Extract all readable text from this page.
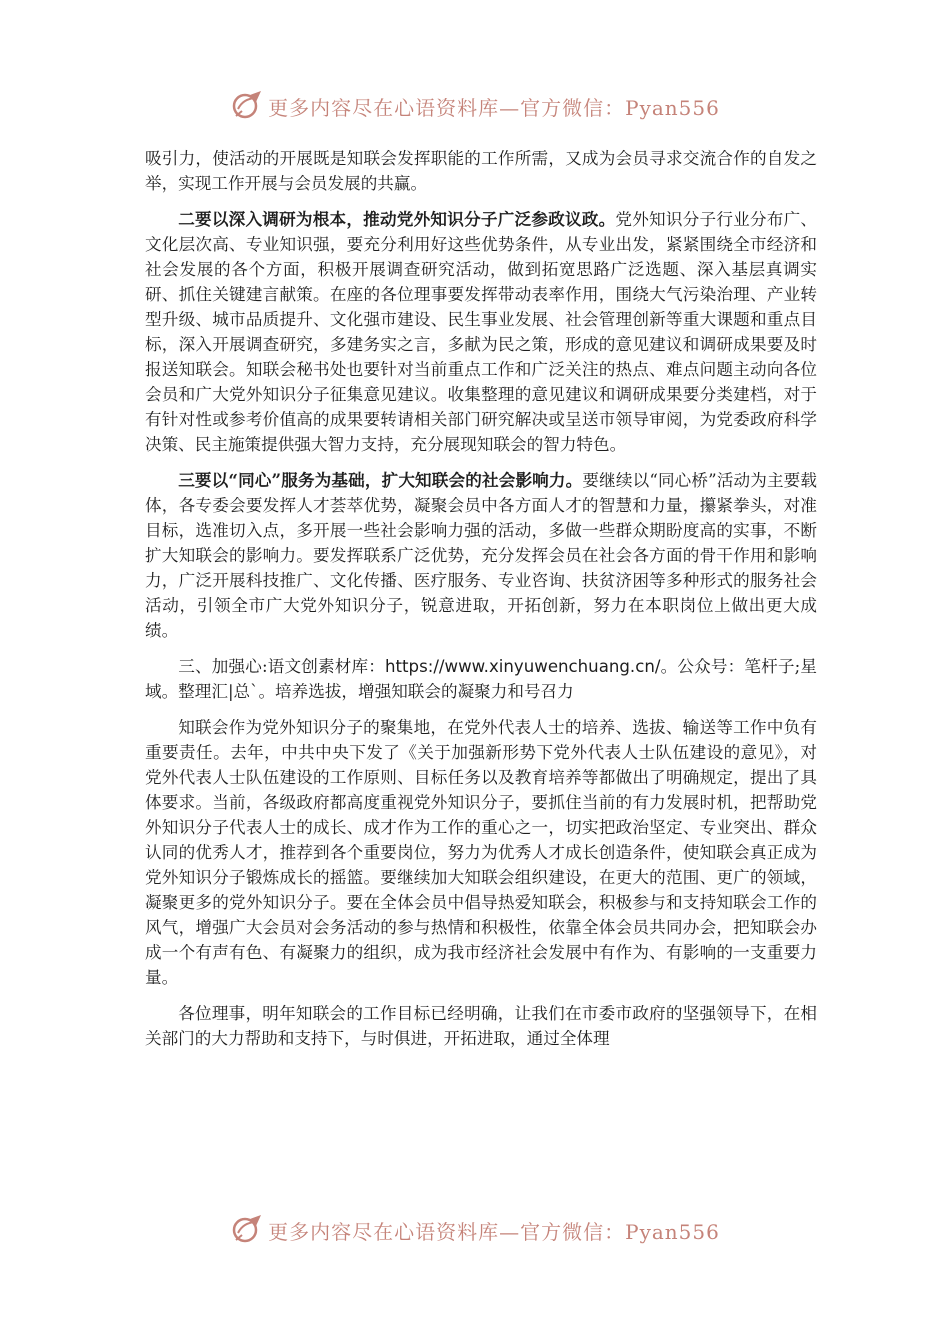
更多内容尽在心语资料库—官方微信：Pyan556

吸引力，使活动的开展既是知联会发挥职能的工作所需，又成为会员寻求交流合作的自发之举，实现工作开展与会员发展的共赢。

二要以深入调研为根本，推动党外知识分子广泛参政议政。党外知识分子行业分布广、文化层次高、专业知识强，要充分利用好这些优势条件，从专业出发，紧紧围绕全市经济和社会发展的各个方面，积极开展调查研究活动，做到拓宽思路广泛选题、深入基层真调实研、抓住关键建言献策。在座的各位理事要发挥带动表率作用，围绕大气污染治理、产业转型升级、城市品质提升、文化强市建设、民生事业发展、社会管理创新等重大课题和重点目标，深入开展调查研究，多建务实之言，多献为民之策，形成的意见建议和调研成果要及时报送知联会。知联会秘书处也要针对当前重点工作和广泛关注的热点、难点问题主动向各位会员和广大党外知识分子征集意见建议。收集整理的意见建议和调研成果要分类建档，对于有针对性或参考价值高的成果要转请相关部门研究解决或呈送市领导审阅，为党委政府科学决策、民主施策提供强大智力支持，充分展现知联会的智力特色。

三要以“同心”服务为基础，扩大知联会的社会影响力。要继续以“同心桥”活动为主要载体，各专委会要发挥人才荟萃优势，凝聚会员中各方面人才的智慧和力量，攥紧拳头，对准目标，选准切入点，多开展一些社会影响力强的活动，多做一些群众期盼度高的实事，不断扩大知联会的影响力。要发挥联系广泛优势，充分发挥会员在社会各方面的骨干作用和影响力，广泛开展科技推广、文化传播、医疗服务、专业咨询、扶贫济困等多种形式的服务社会活动，引领全市广大党外知识分子，锐意进取，开拓创新，努力在本职岗位上做出更大成绩。

三、加强心:语文创素材库：https://www.xinyuwenchuang.cn/。公众号：笔杆子;星域。整理汇|总`。培养选拔，增强知联会的凝聚力和号召力

知联会作为党外知识分子的聚集地，在党外代表人士的培养、选拔、输送等工作中负有重要责任。去年，中共中央下发了《关于加强新形势下党外代表人士队伍建设的意见》，对党外代表人士队伍建设的工作原则、目标任务以及教育培养等都做出了明确规定，提出了具体要求。当前，各级政府都高度重视党外知识分子，要抓住当前的有力发展时机，把帮助党外知识分子代表人士的成长、成才作为工作的重心之一，切实把政治坚定、专业突出、群众认同的优秀人才，推荐到各个重要岗位，努力为优秀人才成长创造条件，使知联会真正成为党外知识分子锻炼成长的摇篮。要继续加大知联会组织建设，在更大的范围、更广的领域，凝聚更多的党外知识分子。要在全体会员中倡导热爱知联会，积极参与和支持知联会工作的风气，增强广大会员对会务活动的参与热情和积极性，依靠全体会员共同办会，把知联会办成一个有声有色、有凝聚力的组织，成为我市经济社会发展中有作为、有影响的一支重要力量。

各位理事，明年知联会的工作目标已经明确，让我们在市委市政府的坚强领导下，在相关部门的大力帮助和支持下，与时俱进，开拓进取，通过全体理

更多内容尽在心语资料库—官方微信：Pyan556
